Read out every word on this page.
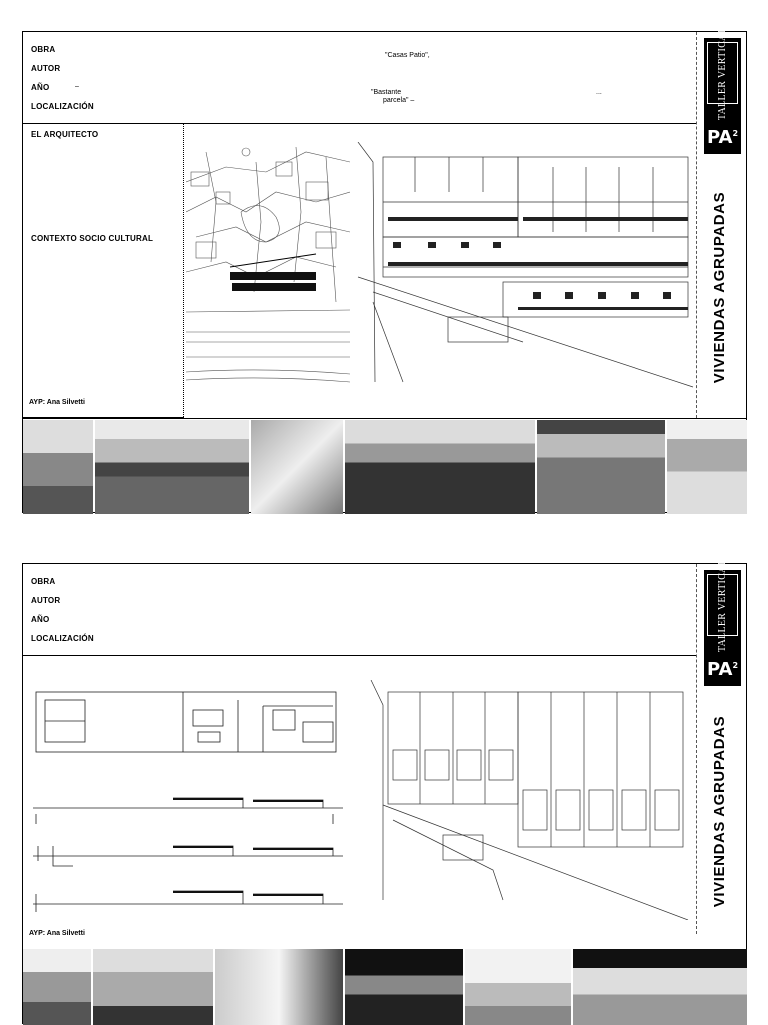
OBRA
AUTOR
AÑO	–
LOCALIZACIÓN
"Casas Patio",
"Bastante
parcela" –
...
EL ARQUITECTO
CONTEXTO SOCIO CULTURAL
AYP: Ana Silvetti
TALLER VERTICAL
$PA^2$
VIVIENDAS AGRUPADAS
OBRA
AUTOR
AÑO
LOCALIZACIÓN
AYP: Ana Silvetti
TALLER VERTICAL
$PA^2$
VIVIENDAS AGRUPADAS
